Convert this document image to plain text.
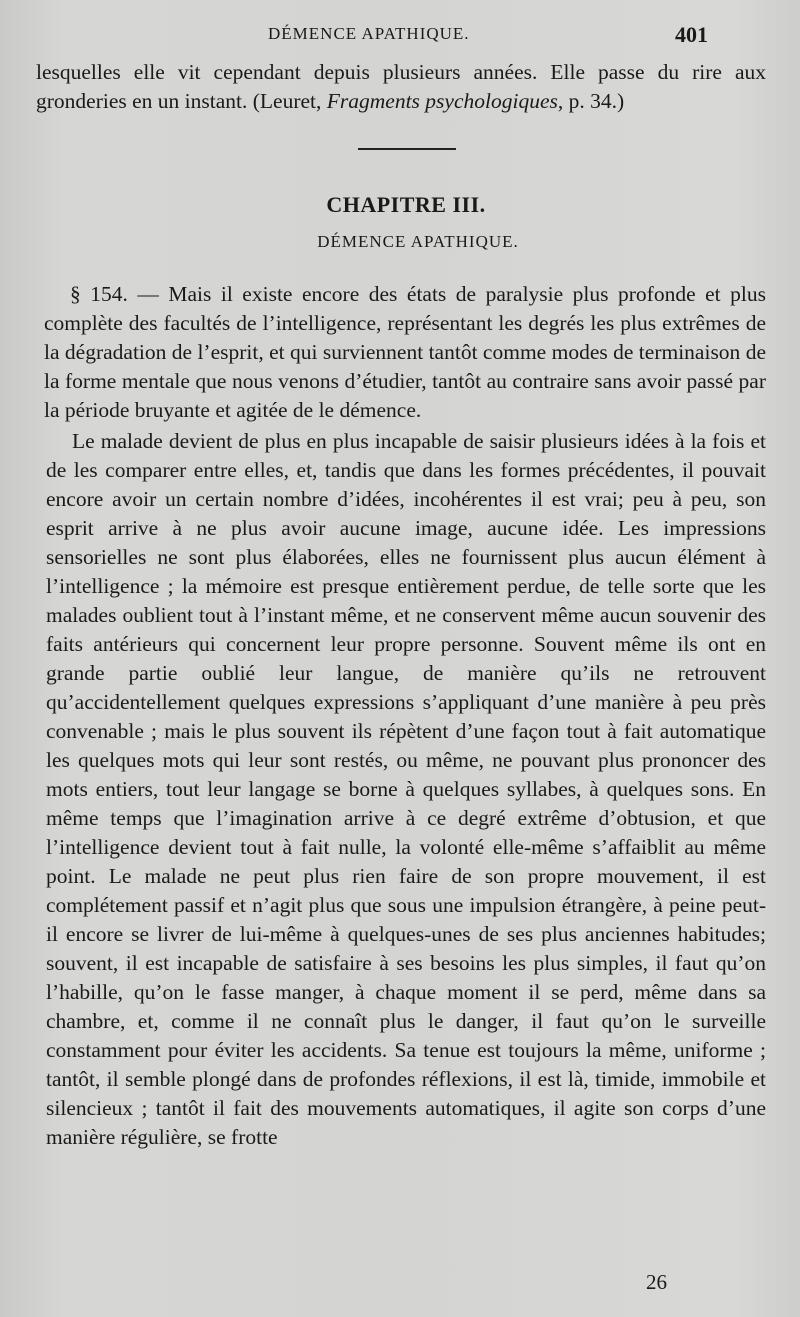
DÉMENCE APATHIQUE.	401

lesquelles elle vit cependant depuis plusieurs années. Elle passe du rire aux gronderies en un instant. (Leuret, Fragments psychologiques, p. 34.)

CHAPITRE III.
DÉMENCE APATHIQUE.

§ 154. — Mais il existe encore des états de paralysie plus profonde et plus complète des facultés de l’intelligence, représentant les degrés les plus extrêmes de la dégradation de l’esprit, et qui surviennent tantôt comme modes de terminaison de la forme mentale que nous venons d’étudier, tantôt au contraire sans avoir passé par la période bruyante et agitée de le démence.

Le malade devient de plus en plus incapable de saisir plusieurs idées à la fois et de les comparer entre elles, et, tandis que dans les formes précédentes, il pouvait encore avoir un certain nombre d’idées, incohérentes il est vrai; peu à peu, son esprit arrive à ne plus avoir aucune image, aucune idée. Les impressions sensorielles ne sont plus élaborées, elles ne fournissent plus aucun élément à l’intelligence ; la mémoire est presque entièrement perdue, de telle sorte que les malades oublient tout à l’instant même, et ne conservent même aucun souvenir des faits antérieurs qui concernent leur propre personne. Souvent même ils ont en grande partie oublié leur langue, de manière qu’ils ne retrouvent qu’accidentellement quelques expressions s’appliquant d’une manière à peu près convenable ; mais le plus souvent ils répètent d’une façon tout à fait automatique les quelques mots qui leur sont restés, ou même, ne pouvant plus prononcer des mots entiers, tout leur langage se borne à quelques syllabes, à quelques sons. En même temps que l’imagination arrive à ce degré extrême d’obtusion, et que l’intelligence devient tout à fait nulle, la volonté elle-même s’affaiblit au même point. Le malade ne peut plus rien faire de son propre mouvement, il est complétement passif et n’agit plus que sous une impulsion étrangère, à peine peut-il encore se livrer de lui-même à quelques-unes de ses plus anciennes habitudes; souvent, il est incapable de satisfaire à ses besoins les plus simples, il faut qu’on l’habille, qu’on le fasse manger, à chaque moment il se perd, même dans sa chambre, et, comme il ne connaît plus le danger, il faut qu’on le surveille constamment pour éviter les accidents. Sa tenue est toujours la même, uniforme ; tantôt, il semble plongé dans de profondes réflexions, il est là, timide, immobile et silencieux ; tantôt il fait des mouvements automatiques, il agite son corps d’une manière régulière, se frotte

26
